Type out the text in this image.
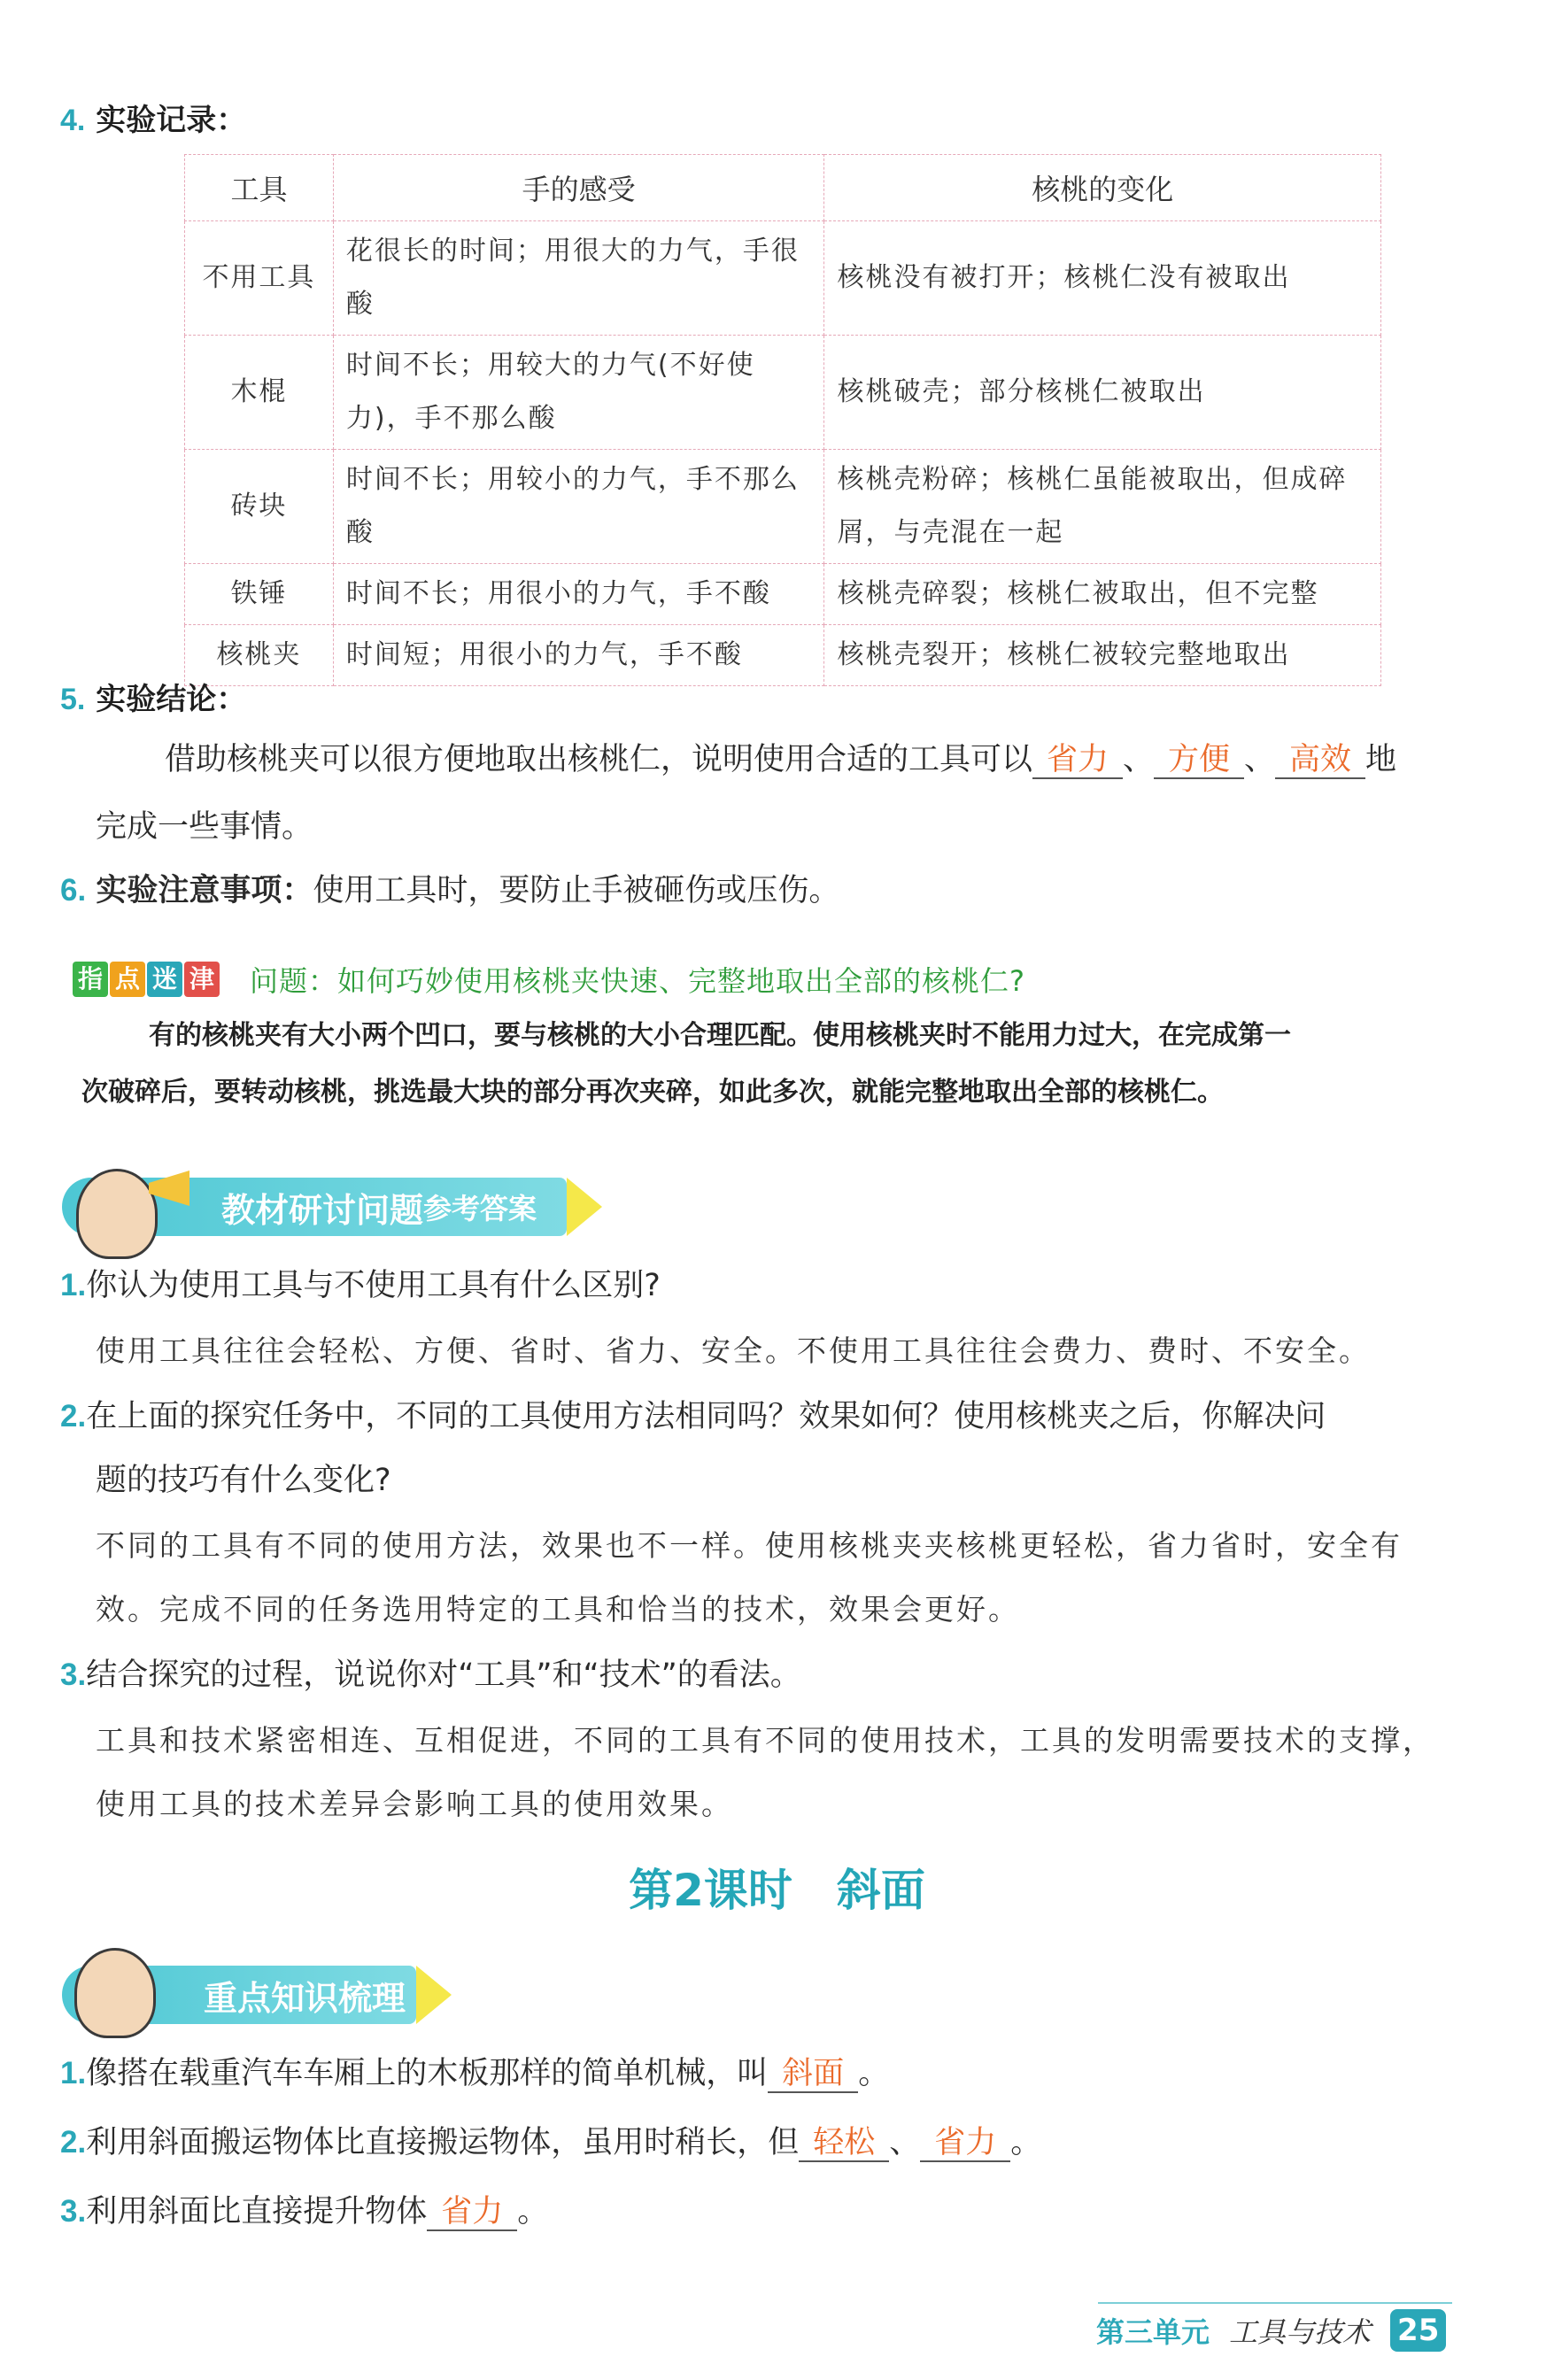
4. 实验记录：
工具	手的感受	核桃的变化
不用工具	花很长的时间；用很大的力气，手很酸	核桃没有被打开；核桃仁没有被取出
木棍	时间不长；用较大的力气(不好使力)，手不那么酸	核桃破壳；部分核桃仁被取出
砖块	时间不长；用较小的力气，手不那么酸	核桃壳粉碎；核桃仁虽能被取出，但成碎屑，与壳混在一起
铁锤	时间不长；用很小的力气，手不酸	核桃壳碎裂；核桃仁被取出，但不完整
核桃夹	时间短；用很小的力气，手不酸	核桃壳裂开；核桃仁被较完整地取出
5. 实验结论：
借助核桃夹可以很方便地取出核桃仁，说明使用合适的工具可以 省力 、 方便 、 高效 地
完成一些事情。
6. 实验注意事项：使用工具时，要防止手被砸伤或压伤。
指 点 迷 津 问题：如何巧妙使用核桃夹快速、完整地取出全部的核桃仁?
有的核桃夹有大小两个凹口，要与核桃的大小合理匹配。使用核桃夹时不能用力过大，在完成第一
次破碎后，要转动核桃，挑选最大块的部分再次夹碎，如此多次，就能完整地取出全部的核桃仁。
教材研讨问题 参考答案
1.你认为使用工具与不使用工具有什么区别?
使用工具往往会轻松、方便、省时、省力、安全。不使用工具往往会费力、费时、不安全。
2.在上面的探究任务中，不同的工具使用方法相同吗？效果如何？使用核桃夹之后，你解决问
题的技巧有什么变化?
不同的工具有不同的使用方法，效果也不一样。使用核桃夹夹核桃更轻松，省力省时，安全有
效。完成不同的任务选用特定的工具和恰当的技术，效果会更好。
3.结合探究的过程，说说你对“工具”和“技术”的看法。
工具和技术紧密相连、互相促进，不同的工具有不同的使用技术，工具的发明需要技术的支撑，
使用工具的技术差异会影响工具的使用效果。
第2课时　斜面
重点知识梳理
1.像搭在载重汽车车厢上的木板那样的简单机械，叫 斜面 。
2.利用斜面搬运物体比直接搬运物体，虽用时稍长，但 轻松 、 省力 。
3.利用斜面比直接提升物体 省力 。
第三单元 工具与技术 25
